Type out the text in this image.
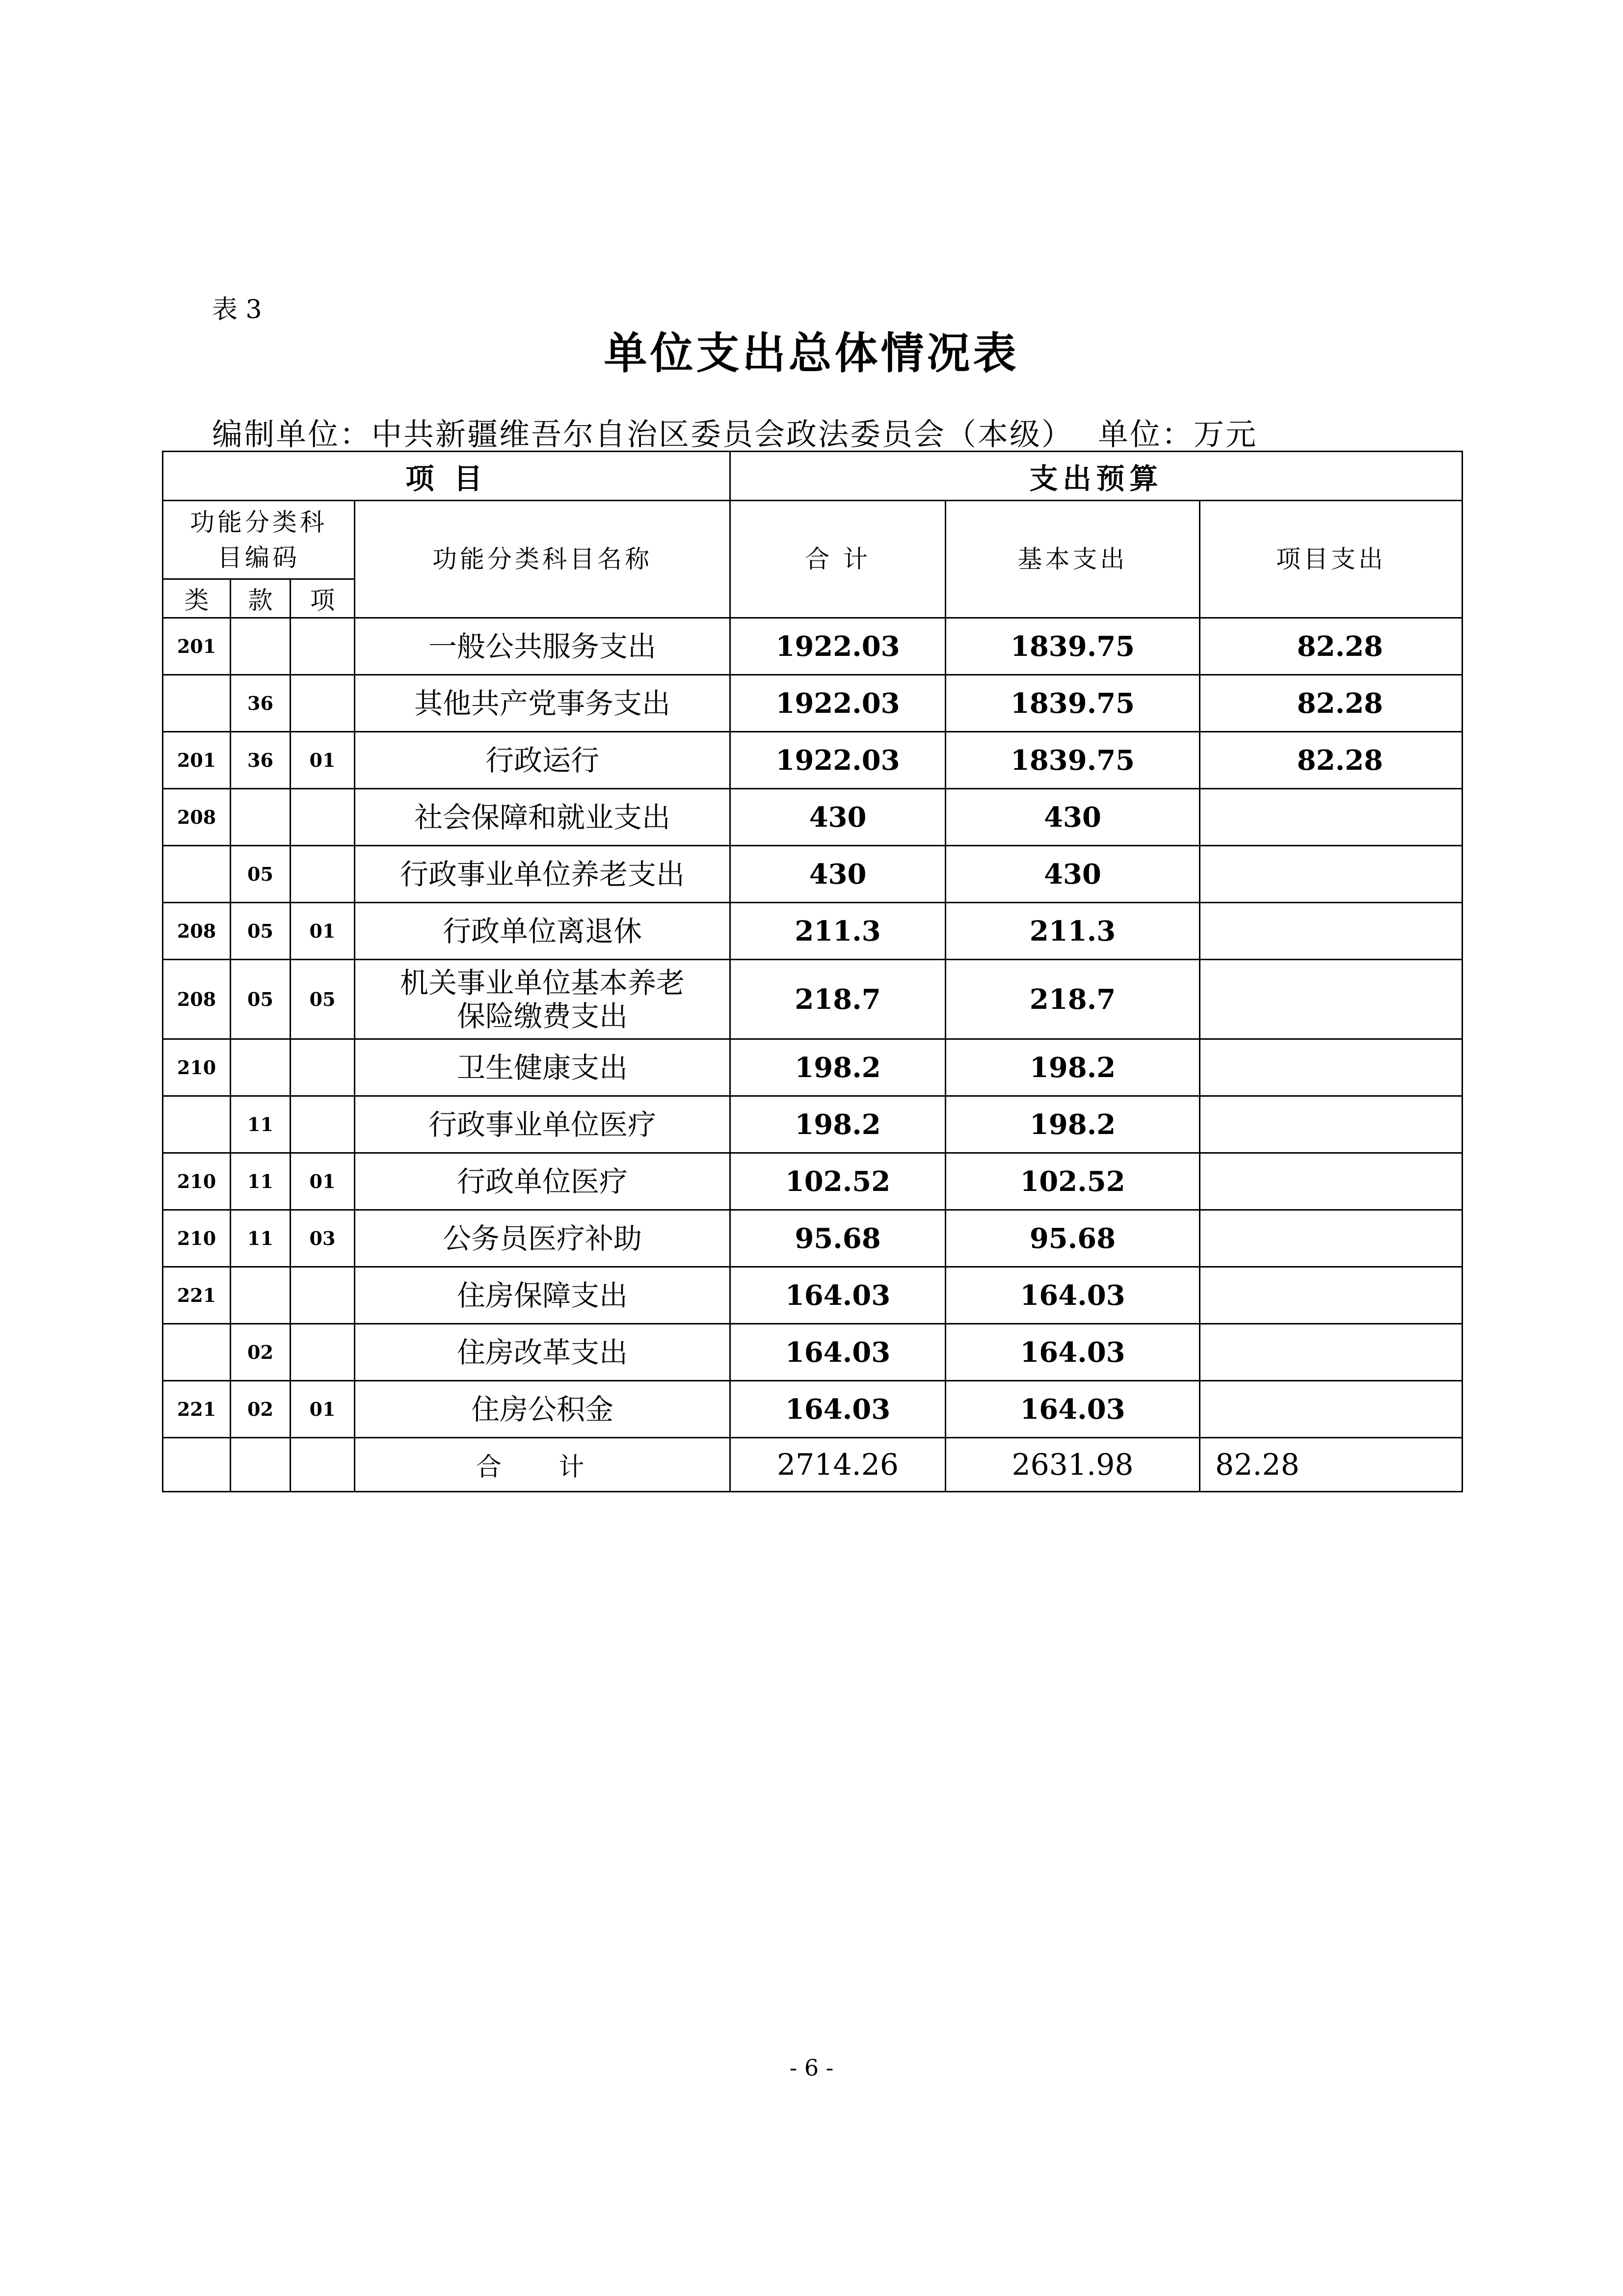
表 3
单位支出总体情况表
编制单位：中共新疆维吾尔自治区委员会政法委员会（本级） 单位：万元
项 目				支出预算		

功能分类科目编码			功能分类科目名称	合 计	基本支出	项目支出
类	款	项				
201			一般公共服务支出	1922.03	1839.75	82.28
	36		其他共产党事务支出	1922.03	1839.75	82.28
201	36	01	行政运行	1922.03	1839.75	82.28
208			社会保障和就业支出	430	430	
	05		行政事业单位养老支出	430	430	
208	05	01	行政单位离退休	211.3	211.3	
208	05	05	机关事业单位基本养老保险缴费支出	218.7	218.7	
210			卫生健康支出	198.2	198.2	
	11		行政事业单位医疗	198.2	198.2	
210	11	01	行政单位医疗	102.52	102.52	
210	11	03	公务员医疗补助	95.68	95.68	
221			住房保障支出	164.03	164.03	
	02		住房改革支出	164.03	164.03	
221	02	01	住房公积金	164.03	164.03	
			合 计	2714.26	2631.98	82.28
- 6 -
